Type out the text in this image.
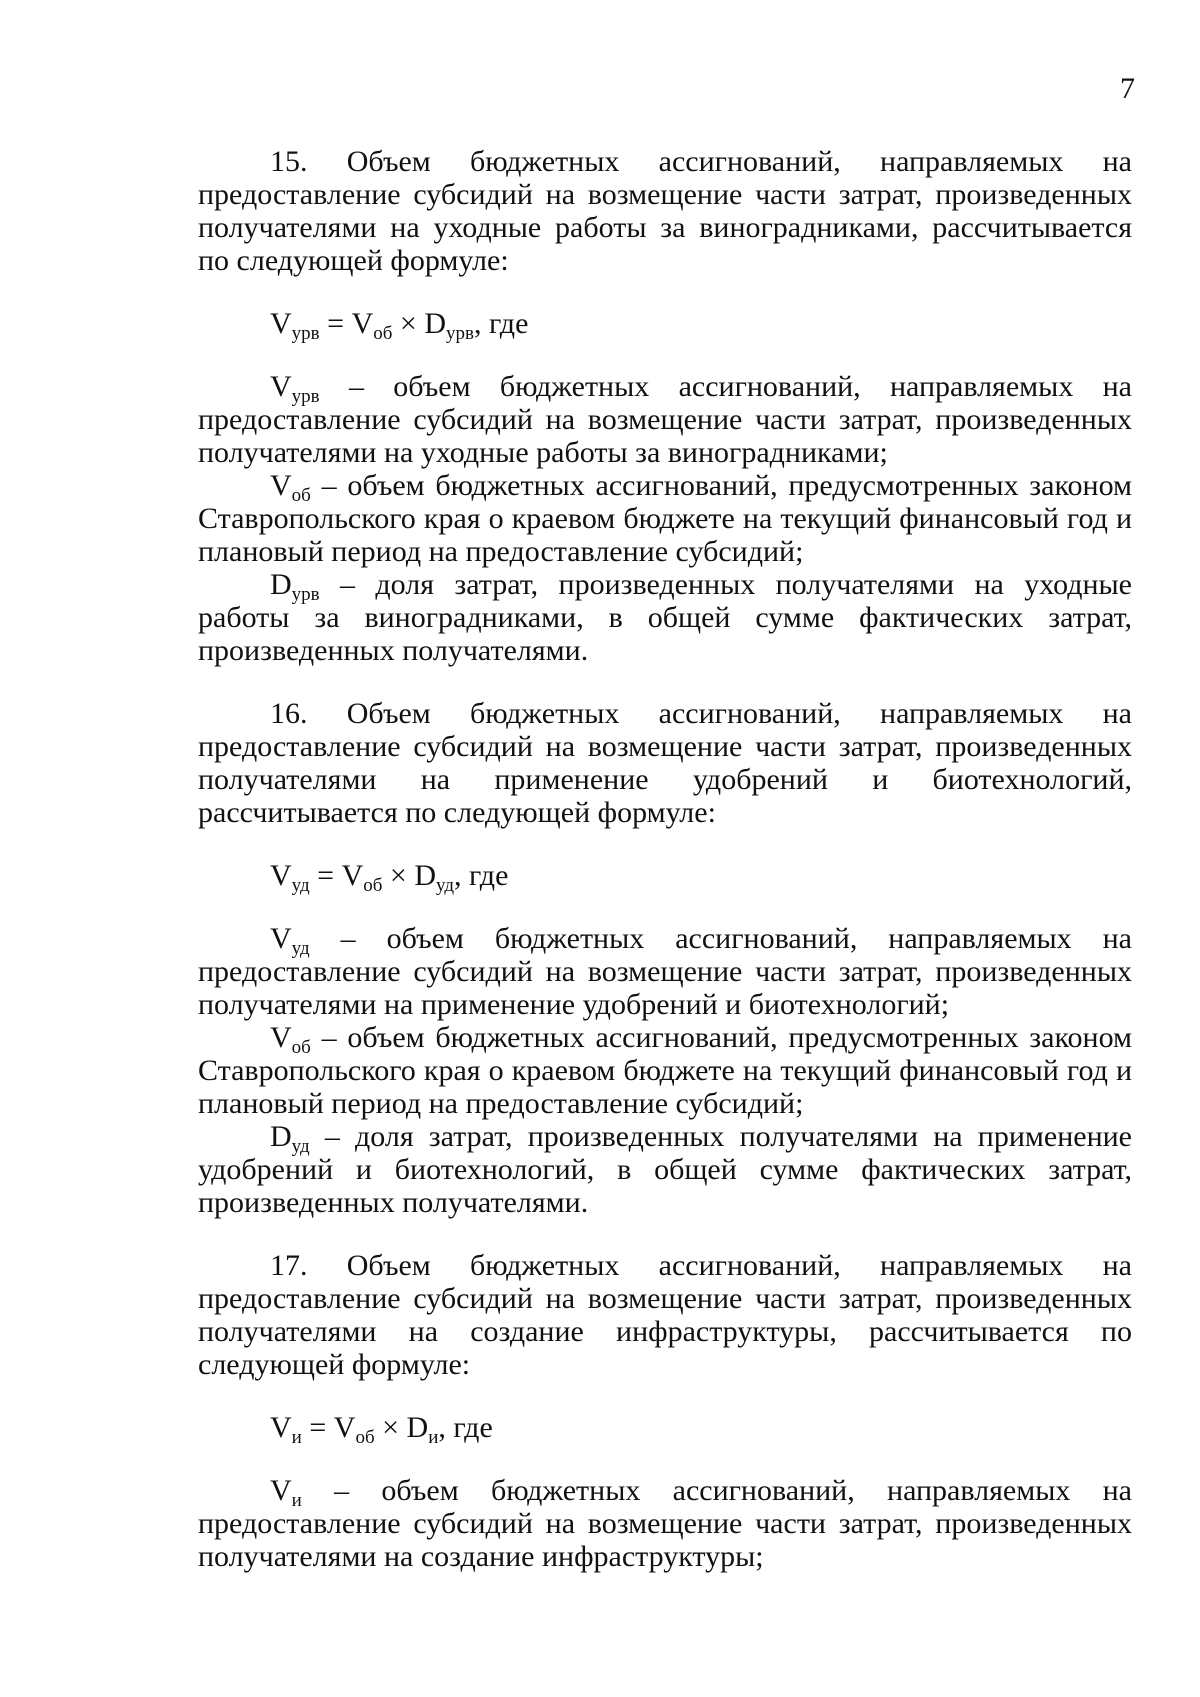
7

15. Объем бюджетных ассигнований, направляемых на предоставление субсидий на возмещение части затрат, произведенных получателями на уходные работы за виноградниками, рассчитывается по следующей формуле:

$V_{урв} = V_{об} \times D_{урв}$, где

$V_{урв}$ – объем бюджетных ассигнований, направляемых на предоставление субсидий на возмещение части затрат, произведенных получателями на уходные работы за виноградниками;

$V_{об}$ – объем бюджетных ассигнований, предусмотренных законом Ставропольского края о краевом бюджете на текущий финансовый год и плановый период на предоставление субсидий;

$D_{урв}$ – доля затрат, произведенных получателями на уходные работы за виноградниками, в общей сумме фактических затрат, произведенных получателями.

16. Объем бюджетных ассигнований, направляемых на предоставление субсидий на возмещение части затрат, произведенных получателями на применение удобрений и биотехнологий, рассчитывается по следующей формуле:

$V_{уд} = V_{об} \times D_{уд}$, где

$V_{уд}$ – объем бюджетных ассигнований, направляемых на предоставление субсидий на возмещение части затрат, произведенных получателями на применение удобрений и биотехнологий;

$V_{об}$ – объем бюджетных ассигнований, предусмотренных законом Ставропольского края о краевом бюджете на текущий финансовый год и плановый период на предоставление субсидий;

$D_{уд}$ – доля затрат, произведенных получателями на применение удобрений и биотехнологий, в общей сумме фактических затрат, произведенных получателями.

17. Объем бюджетных ассигнований, направляемых на предоставление субсидий на возмещение части затрат, произведенных получателями на создание инфраструктуры, рассчитывается по следующей формуле:

$V_и = V_{об} \times D_и$, где

$V_и$ – объем бюджетных ассигнований, направляемых на предоставление субсидий на возмещение части затрат, произведенных получателями на создание инфраструктуры;
